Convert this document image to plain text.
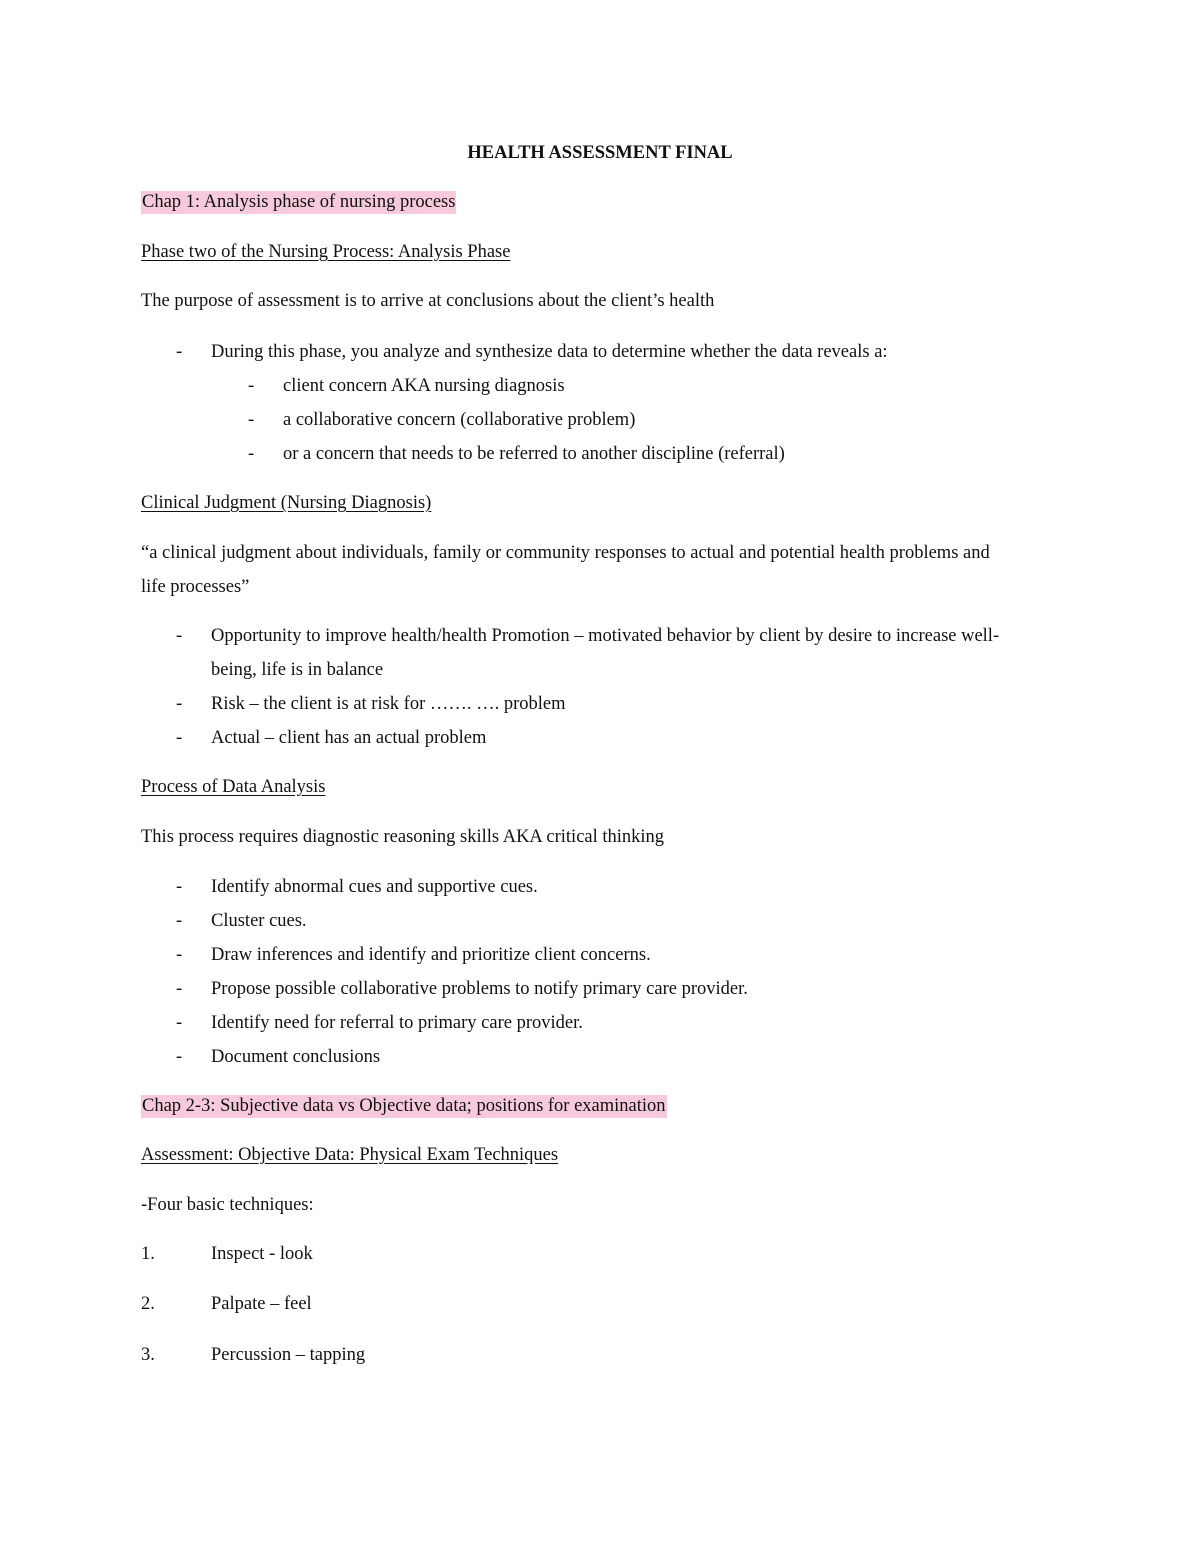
HEALTH ASSESSMENT FINAL
Chap 1: Analysis phase of nursing process
Phase two of the Nursing Process: Analysis Phase
The purpose of assessment is to arrive at conclusions about the client’s health
- During this phase, you analyze and synthesize data to determine whether the data reveals a:
- client concern AKA nursing diagnosis
- a collaborative concern (collaborative problem)
- or a concern that needs to be referred to another discipline (referral)
Clinical Judgment (Nursing Diagnosis)
“a clinical judgment about individuals, family or community responses to actual and potential health problems and
life processes”
- Opportunity to improve health/health Promotion – motivated behavior by client by desire to increase well-
being, life is in balance
- Risk – the client is at risk for ……. …. problem
- Actual – client has an actual problem
Process of Data Analysis
This process requires diagnostic reasoning skills AKA critical thinking
- Identify abnormal cues and supportive cues.
- Cluster cues.
- Draw inferences and identify and prioritize client concerns.
- Propose possible collaborative problems to notify primary care provider.
- Identify need for referral to primary care provider.
- Document conclusions
Chap 2-3: Subjective data vs Objective data; positions for examination
Assessment: Objective Data: Physical Exam Techniques
-Four basic techniques:
1.	Inspect - look
2.	Palpate – feel
3.	Percussion – tapping
